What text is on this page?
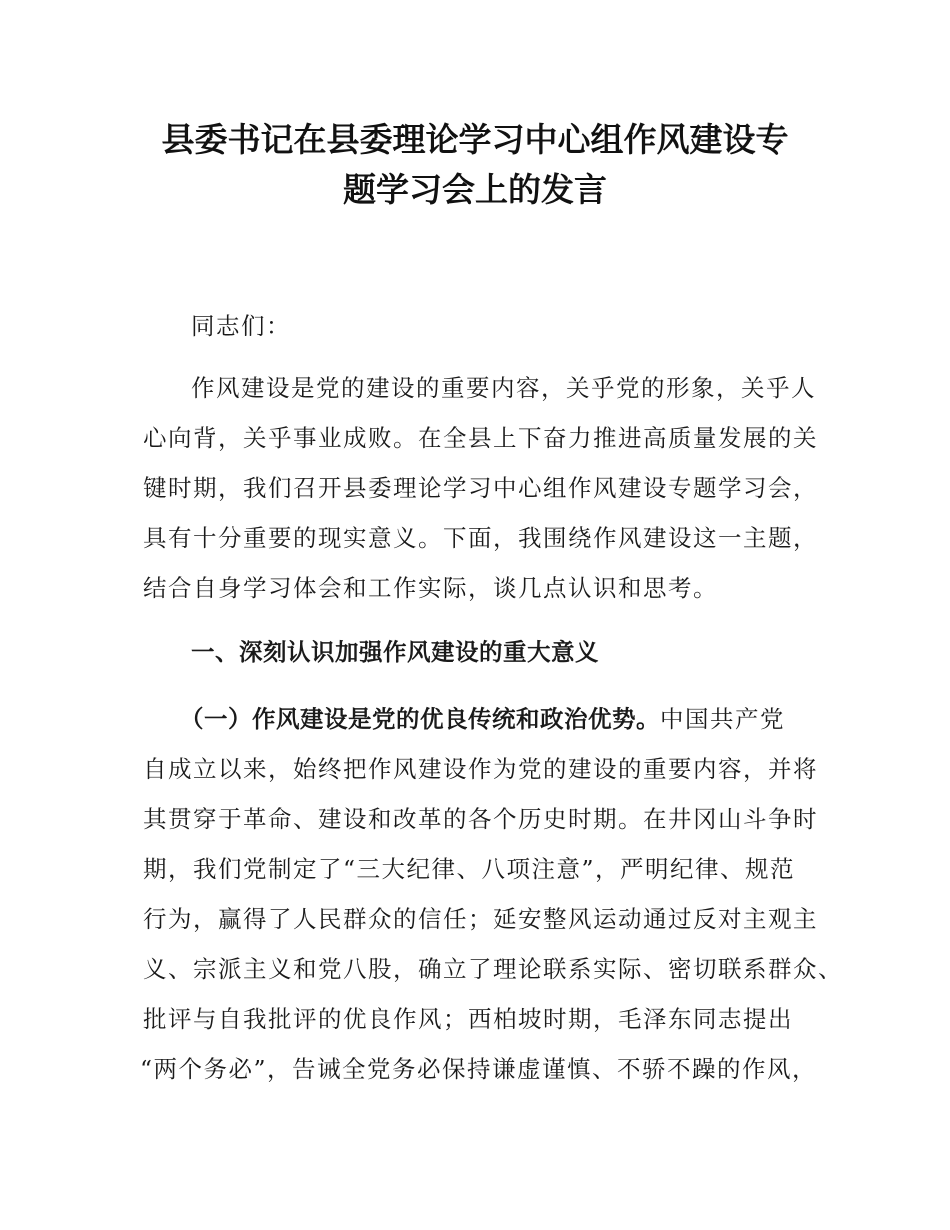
县委书记在县委理论学习中心组作风建设专
题学习会上的发言
同志们：
作风建设是党的建设的重要内容，关乎党的形象，关乎人
心向背，关乎事业成败。在全县上下奋力推进高质量发展的关
键时期，我们召开县委理论学习中心组作风建设专题学习会，
具有十分重要的现实意义。下面，我围绕作风建设这一主题，
结合自身学习体会和工作实际，谈几点认识和思考。
一、深刻认识加强作风建设的重大意义
（一）作风建设是党的优良传统和政治优势。中国共产党
自成立以来，始终把作风建设作为党的建设的重要内容，并将
其贯穿于革命、建设和改革的各个历史时期。在井冈山斗争时
期，我们党制定了“三大纪律、八项注意”，严明纪律、规范
行为，赢得了人民群众的信任；延安整风运动通过反对主观主
义、宗派主义和党八股，确立了理论联系实际、密切联系群众、
批评与自我批评的优良作风；西柏坡时期，毛泽东同志提出
“两个务必”，告诫全党务必保持谦虚谨慎、不骄不躁的作风，
